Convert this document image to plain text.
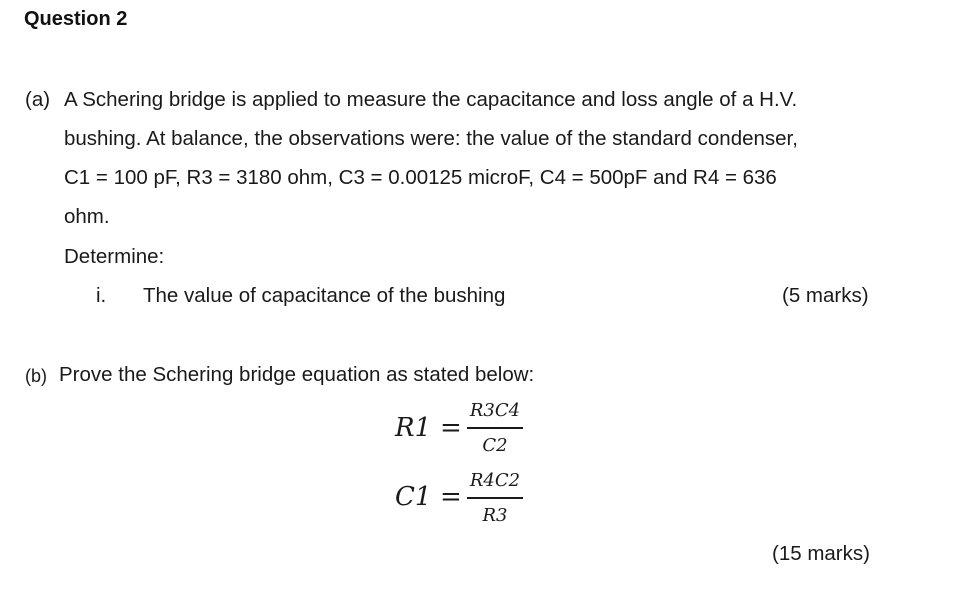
Question 2
(a) A Schering bridge is applied to measure the capacitance and loss angle of a H.V.
bushing. At balance, the observations were: the value of the standard condenser,
C1 = 100 pF, R3 = 3180 ohm, C3 = 0.00125 microF, C4 = 500pF and R4 = 636
ohm.
Determine:
i. The value of capacitance of the bushing	(5 marks)
(b) Prove the Schering bridge equation as stated below:
R1 =
R3C4
C2
C1 =
R4C2
R3
(15 marks)
